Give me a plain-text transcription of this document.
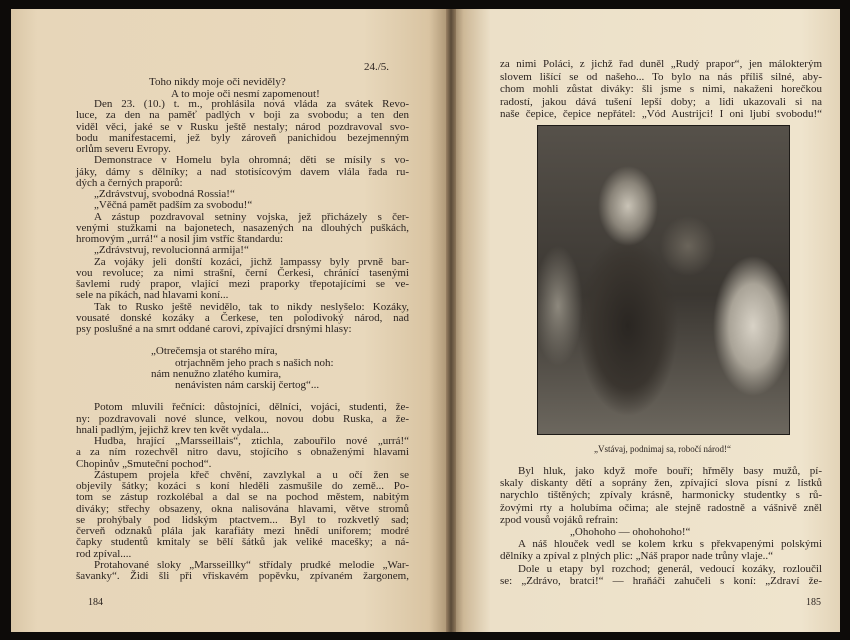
24./5.
Toho nikdy moje oči neviděly?
A to moje oči nesmí zapomenout!
Den 23. (10.) t. m., prohlásila nová vláda za svátek Revo-
luce, za den na paměť padlých v boji za svobodu; a ten den
viděl věci, jaké se v Rusku ještě nestaly; národ pozdravoval svo-
bodu manifestacemi, jež byly zároveň panichidou bezejmenným
orlům severu Evropy.
Demonstrace v Homelu byla ohromná; děti se mísily s vo-
jáky, dámy s dělníky; a nad stotisícovým davem vlála řada ru-
dých a černých praporů:
„Zdrávstvuj, svobodná Rossia!“
„Věčná pamět padším za svobodu!“
A zástup pozdravoval setniny vojska, jež přicházely s čer-
venými stužkami na bajonetech, nasazených na dlouhých puškách,
hromovým „urrá!“ a nosil jim vstříc štandardu:
„Zdrávstvuj, revolucionná armija!“
Za vojáky jeli donští kozáci, jichž lampassy byly prvně bar-
vou revoluce; za nimi strašní, černí Čerkesi, chránící tasenými
šavlemi rudý prapor, vlající mezi praporky třepotajícími se ve-
sele na píkách, nad hlavami koní...
Tak to Rusko ještě nevidělo, tak to nikdy neslyšelo: Kozáky,
vousaté donské kozáky a Čerkese, ten polodivoký národ, nad
psy poslušné a na smrt oddané carovi, zpívající drsnými hlasy:
„Otrečemsja ot starého míra,
otrjachněm jeho prach s našich noh:
nám nenužno zlatého kumira,
nenávisten nám carskij čertog“...
Potom mluvili řečníci: důstojníci, dělníci, vojáci, studenti, že-
ny: pozdravovali nové slunce, velkou, novou dobu Ruska, a že-
hnali padlým, jejichž krev ten květ vydala...
Hudba, hrající „Marsseillais“, ztichla, zabouřilo nové „urrá!“
a za ním rozechvěl nitro davu, stojícího s obnaženými hlavami
Chopinův „Smuteční pochod“.
Zástupem projela křeč chvění, zavzlykal a u očí žen se
objevily šátky; kozáci s koní hleděli zasmušile do země... Po-
tom se zástup rozkolébal a dal se na pochod městem, nabitým
diváky; střechy obsazeny, okna nalisována hlavami, větve stromů
se prohýbaly pod lidským ptactvem... Byl to rozkvetlý sad;
červeň odznaků plála jak karafiáty mezi hnědí uniforem; modré
čapky studentů kmitaly se bělí šátků jak veliké macešky; a ná-
rod zpíval....
Protahované sloky „Marsseillky“ střídaly prudké melodie „War-
šavanky“. Židi šli při vřiskavém popěvku, zpívaném žargonem,
184
za nimi Poláci, z jichž řad duněl „Rudý prapor“, jen málokterým
slovem lišící se od našeho... To bylo na nás příliš silné, aby-
chom mohli zůstat diváky: šli jsme s nimi, nakaženi horečkou
radostí, jakou dává tušení lepší doby; a lidi ukazovali si na
naše čepice, čepice nepřátel: „Vód Austrijci! I oni ljubí svobodu!“
„Vstávaj, podnimaj sa, robočí národ!“
Byl hluk, jako když moře bouří; hřměly basy mužů, pí-
skaly diskanty dětí a soprány žen, zpívající slova písní z lístků
narychlo tištěných; zpívaly krásně, harmonicky studentky s rů-
žovými rty a holubíma očima; ale stejně radostně a vášnivě zněl
zpod vousů vojáků refrain:
„Ohohoho — ohohohoho!“
A náš hlouček vedl se kolem krku s překvapenými polskými
dělníky a zpíval z plných plic: „Náš prapor nade trůny vlaje..“
Dole u etapy byl rozchod; generál, vedoucí kozáky, rozloučil
se: „Zdrávo, bratci!“ — hraňáči zahučeli s koní: „Zdraví že-
185
